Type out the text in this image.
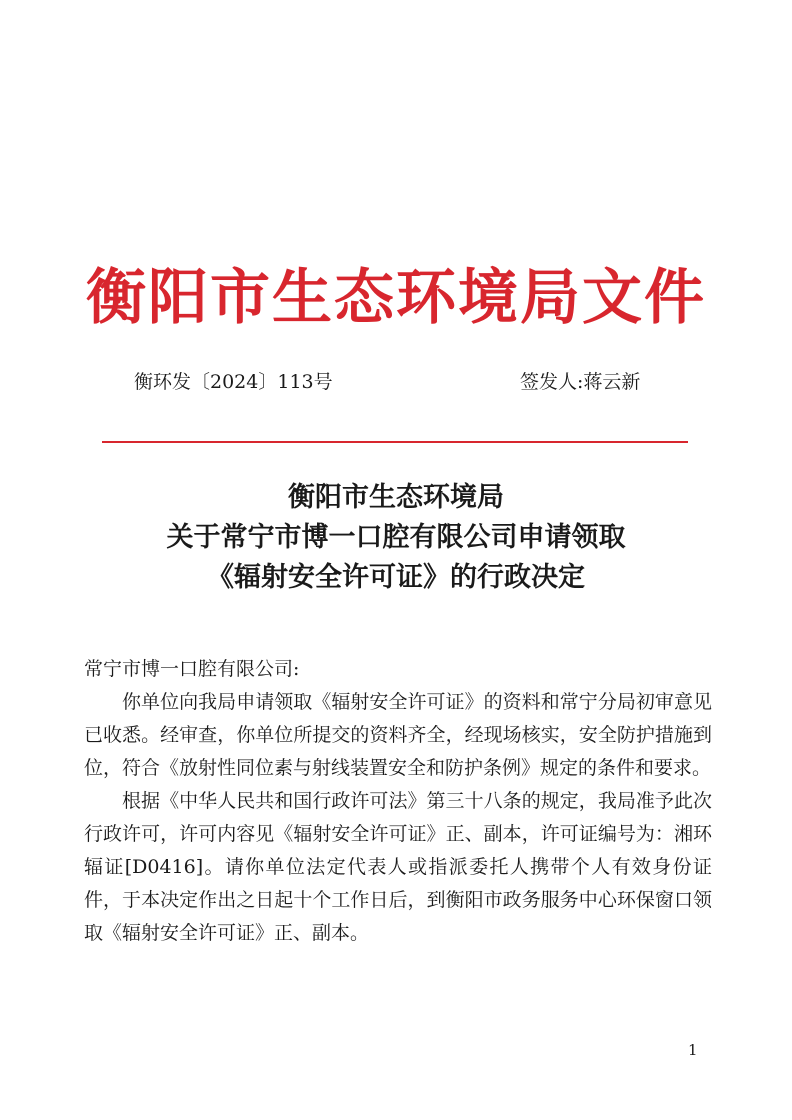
衡阳市生态环境局文件
衡环发〔2024〕113号	签发人:蒋云新
衡阳市生态环境局
关于常宁市博一口腔有限公司申请领取
《辐射安全许可证》的行政决定

常宁市博一口腔有限公司:

你单位向我局申请领取《辐射安全许可证》的资料和常宁分局初审意见已收悉。经审查，你单位所提交的资料齐全，经现场核实，安全防护措施到位，符合《放射性同位素与射线装置安全和防护条例》规定的条件和要求。

根据《中华人民共和国行政许可法》第三十八条的规定，我局准予此次行政许可，许可内容见《辐射安全许可证》正、副本，许可证编号为：湘环辐证[D0416]。请你单位法定代表人或指派委托人携带个人有效身份证件，于本决定作出之日起十个工作日后，到衡阳市政务服务中心环保窗口领取《辐射安全许可证》正、副本。

1
